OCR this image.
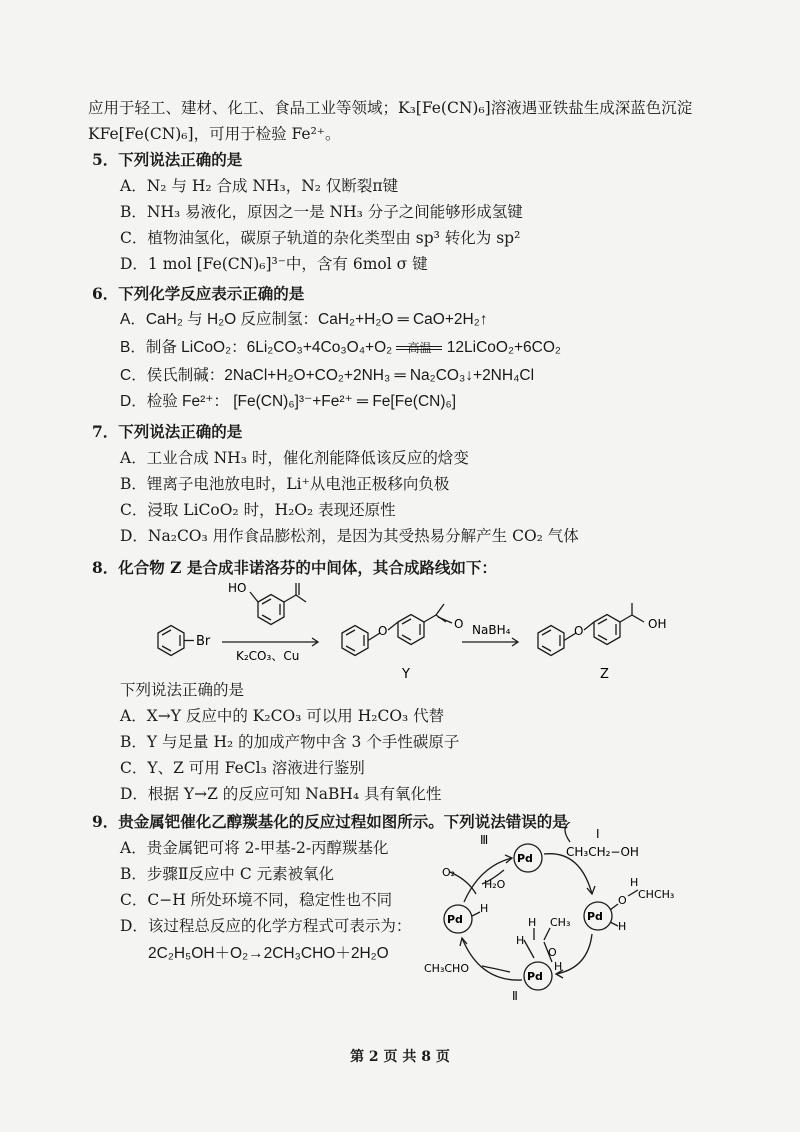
应用于轻工、建材、化工、食品工业等领域；K₃[Fe(CN)₆]溶液遇亚铁盐生成深蓝色沉淀
KFe[Fe(CN)₆]，可用于检验 Fe²⁺。
5．下列说法正确的是
A．N₂ 与 H₂ 合成 NH₃，N₂ 仅断裂π键
B．NH₃ 易液化，原因之一是 NH₃ 分子之间能够形成氢键
C．植物油氢化，碳原子轨道的杂化类型由 sp³ 转化为 sp²
D．1 mol [Fe(CN)₆]³⁻中，含有 6mol σ 键
6．下列化学反应表示正确的是
A．CaH₂ 与 H₂O 反应制氢：CaH₂+H₂O ═ CaO+2H₂↑
B．制备 LiCoO₂：6Li₂CO₃+4Co₃O₄+O₂	高温 12LiCoO₂+6CO₂
C．侯氏制碱：2NaCl+H₂O+CO₂+2NH₃ ═ Na₂CO₃↓+2NH₄Cl
D．检验 Fe²⁺： [Fe(CN)₆]³⁻+Fe²⁺ ═ Fe[Fe(CN)₆]
7．下列说法正确的是
A．工业合成 NH₃ 时，催化剂能降低该反应的焓变
B．锂离子电池放电时，Li⁺从电池正极移向负极
C．浸取 LiCoO₂ 时，H₂O₂ 表现还原性
D．Na₂CO₃ 用作食品膨松剂，是因为其受热易分解产生 CO₂ 气体
8．化合物 Z 是合成非诺洛芬的中间体，其合成路线如下：
Br
HO
K₂CO₃、Cu
O	O NaBH₄	O	OH
Y	Z
下列说法正确的是
A．X→Y 反应中的 K₂CO₃ 可以用 H₂CO₃ 代替
B．Y 与足量 H₂ 的加成产物中含 3 个手性碳原子
C．Y、Z 可用 FeCl₃ 溶液进行鉴别
D．根据 Y→Z 的反应可知 NaBH₄ 具有氧化性
9．贵金属钯催化乙醇羰基化的反应过程如图所示。下列说法错误的是
A．贵金属钯可将 2-甲基-2-丙醇羰基化
B．步骤Ⅱ反应中 C 元素被氧化
C．C−H 所处环境不同，稳定性也不同
D．该过程总反应的化学方程式可表示为：
2C₂H₅OH＋O₂→2CH₃CHO＋2H₂O
Pd
Pd	Pd
Pd
Ⅰ
Ⅱ
Ⅲ
CH₃CH₂−OH
O₂
H₂O
H
O
H
H
CHCH₃
H
H CH₃
O
H
CH₃CHO
第 2 页 共 8 页
